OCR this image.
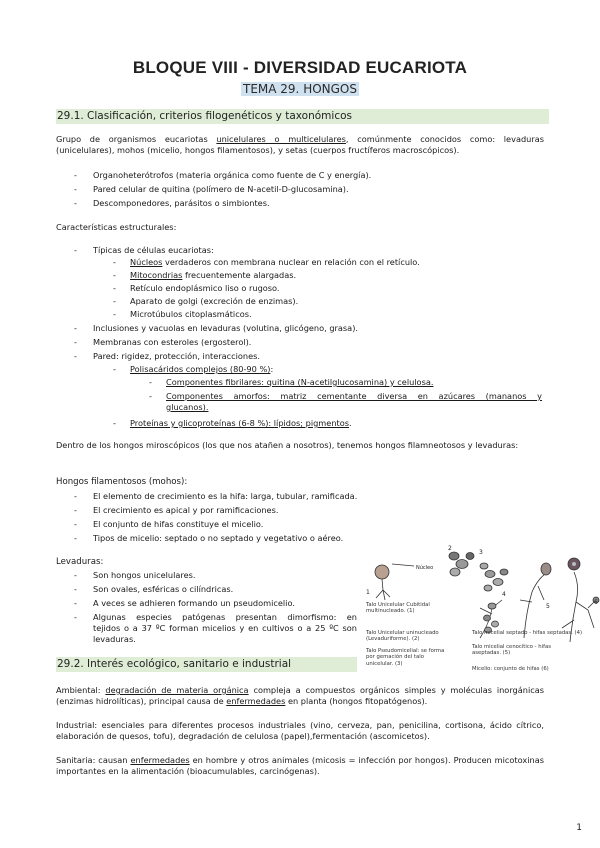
BLOQUE VIII - DIVERSIDAD EUCARIOTA
TEMA 29. HONGOS
29.1. Clasificación, criterios filogenéticos y taxonómicos
Grupo de organismos eucariotas unicelulares o multicelulares, comúnmente conocidos como: levaduras (unicelulares), mohos (micelio, hongos filamentosos), y setas (cuerpos fructíferos macroscópicos).
- Organoheterótrofos (materia orgánica como fuente de C y energía).
- Pared celular de quitina (polímero de N-acetil-D-glucosamina).
- Descomponedores, parásitos o simbiontes.
Características estructurales:
- Típicas de células eucariotas:
- Núcleos verdaderos con membrana nuclear en relación con el retículo.
- Mitocondrias frecuentemente alargadas.
- Retículo endoplásmico liso o rugoso.
- Aparato de golgi (excreción de enzimas).
- Microtúbulos citoplasmáticos.
- Inclusiones y vacuolas en levaduras (volutina, glicógeno, grasa).
- Membranas con esteroles (ergosterol).
- Pared: rigidez, protección, interacciones.
- Polisacáridos complejos (80-90 %):
- Componentes fibrilares: quitina (N-acetilglucosamina) y celulosa.
- Componentes amorfos: matriz cementante diversa en azúcares (mananos y
glucanos).
- Proteínas y glicoproteínas (6-8 %): lípidos; pigmentos.
Dentro de los hongos miroscópicos (los que nos atañen a nosotros), tenemos hongos filamneotosos y levaduras:
Hongos filamentosos (mohos):
- El elemento de crecimiento es la hifa: larga, tubular, ramificada.
- El crecimiento es apical y por ramificaciones.
- El conjunto de hifas constituye el micelio.
- Tipos de micelio: septado o no septado y vegetativo o aéreo.
Levaduras:
- Son hongos unicelulares.
- Son ovales, esféricas o cilíndricas.
- A veces se adhieren formando un pseudomicelio.
- Algunas especies patógenas presentan dimorfismo: en
tejidos o a 37 ºC forman micelios y en cultivos o a 25 ºC son
levaduras.
2
3
1	4
5
6
Núcleo
Talo Unicelular Cubitidal
multinucleado. (1)
Talo Unicelular uninucleado
(Levaduriforme). (2)
Talo Pseudomicelial: se forma
por gemación del talo
unicelular. (3)
Talo micelial septado - hifas septadas. (4)
Talo micelial cenocítico - hifas
aseptadas. (5)
Micelio: conjunto de hifas (6)
29.2. Interés ecológico, sanitario e industrial
Ambiental: degradación de materia orgánica compleja a compuestos orgánicos simples y moléculas inorgánicas (enzimas hidrolíticas), principal causa de enfermedades en planta (hongos fitopatógenos).
Industrial: esenciales para diferentes procesos industriales (vino, cerveza, pan, penicilina, cortisona, ácido cítrico, elaboración de quesos, tofu), degradación de celulosa (papel),fermentación (ascomicetos).
Sanitaria: causan enfermedades en hombre y otros animales (micosis = infección por hongos). Producen micotoxinas importantes en la alimentación (bioacumulables, carcinógenas).
1
